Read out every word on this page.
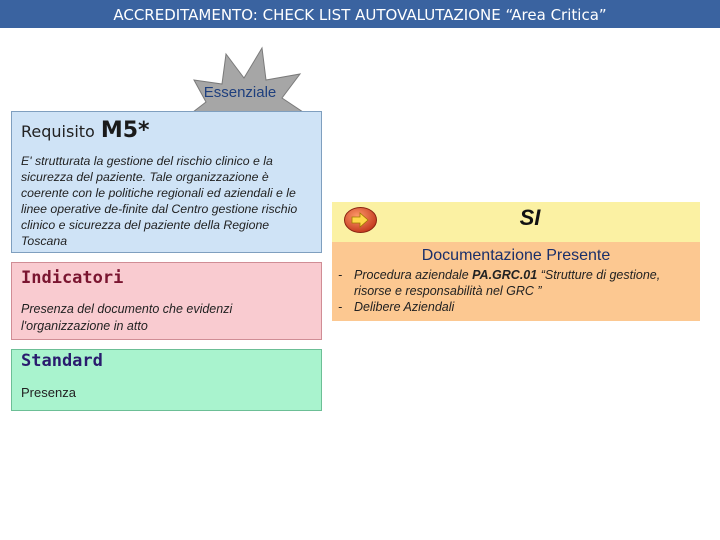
ACCREDITAMENTO: CHECK LIST AUTOVALUTAZIONE “Area Critica”
Essenziale
Requisito M5*
E' strutturata la gestione del rischio clinico e la sicurezza del paziente. Tale organizzazione è coerente con le politiche regionali ed aziendali e le linee operative de-finite dal Centro gestione rischio clinico e sicurezza del paziente della Regione Toscana
Indicatori
Presenza del documento che evidenzi l'organizzazione in atto
Standard
Presenza
SI
Documentazione Presente
- Procedura aziendale PA.GRC.01 “Strutture di gestione, risorse e responsabilità nel GRC ”
- Delibere Aziendali
